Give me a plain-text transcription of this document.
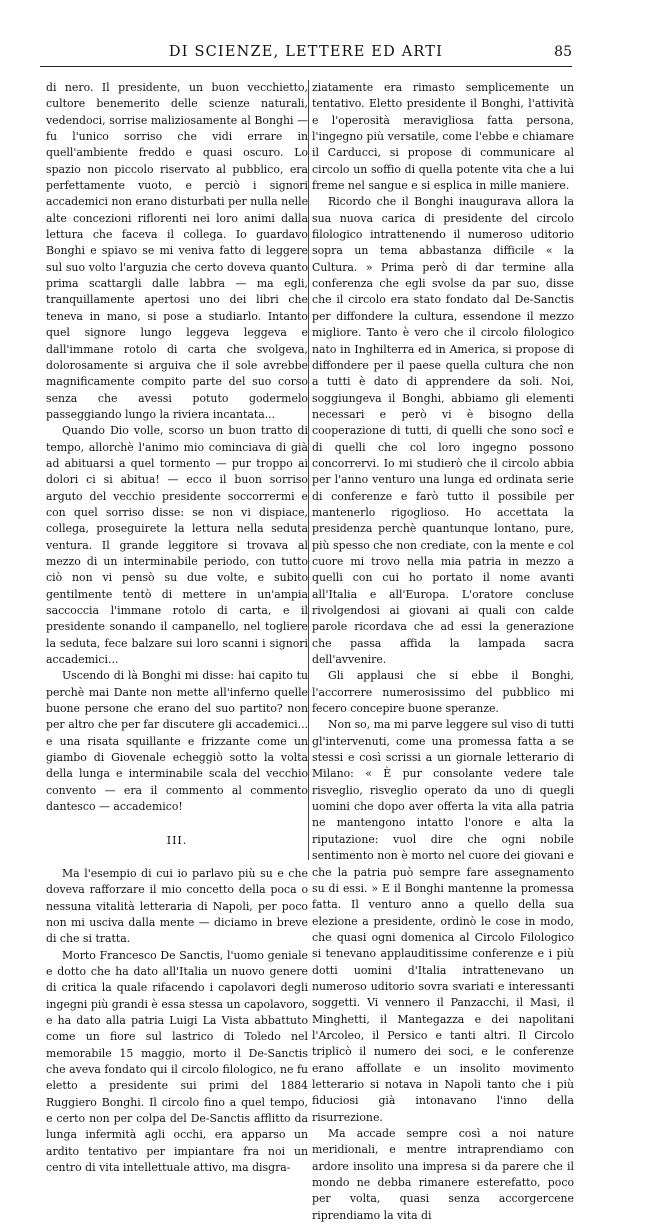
DI SCIENZE, LETTERE ED ARTI	85

di nero. Il presidente, un buon vecchietto, cultore benemerito delle scienze naturali, vedendoci, sorrise maliziosamente al Bonghi — fu l'unico sorriso che vidi errare in quell'ambiente freddo e quasi oscuro. Lo spazio non piccolo riservato al pubblico, era perfettamente vuoto, e perciò i signori accademici non erano disturbati per nulla nelle alte concezioni riflorenti nei loro animi dalla lettura che faceva il collega. Io guardavo Bonghi e spiavo se mi veniva fatto di leggere sul suo volto l'arguzia che certo doveva quanto prima scattargli dalle labbra — ma egli, tranquillamente apertosi uno dei libri che teneva in mano, si pose a studiarlo. Intanto quel signore lungo leggeva leggeva e dall'immane rotolo di carta che svolgeva, dolorosamente si arguiva che il sole avrebbe magnificamente compito parte del suo corso senza che avessi potuto godermelo passeggiando lungo la riviera incantata...

Quando Dio volle, scorso un buon tratto di tempo, allorchè l'animo mio cominciava di già ad abituarsi a quel tormento — pur troppo ai dolori ci si abitua! — ecco il buon sorriso arguto del vecchio presidente soccorrermi e con quel sorriso disse: se non vi dispiace, collega, proseguirete la lettura nella seduta ventura. Il grande leggitore si trovava al mezzo di un interminabile periodo, con tutto ciò non vi pensò su due volte, e subito gentilmente tentò di mettere in un'ampia saccoccia l'immane rotolo di carta, e il presidente sonando il campanello, nel togliere la seduta, fece balzare sui loro scanni i signori accademici...

Uscendo di là Bonghi mi disse: hai capito tu perchè mai Dante non mette all'inferno quelle buone persone che erano del suo partito? non per altro che per far discutere gli accademici... e una risata squillante e frizzante come un giambo di Giovenale echeggiò sotto la volta della lunga e interminabile scala del vecchio convento — era il commento al commento dantesco — accademico!

III.

Ma l'esempio di cui io parlavo più su e che doveva rafforzare il mio concetto della poca o nessuna vitalità letteraria di Napoli, per poco non mi usciva dalla mente — diciamo in breve di che si tratta.

Morto Francesco De Sanctis, l'uomo geniale e dotto che ha dato all'Italia un nuovo genere di critica la quale rifacendo i capolavori degli ingegni più grandi è essa stessa un capolavoro, e ha dato alla patria Luigi La Vista abbattuto come un fiore sul lastrico di Toledo nel memorabile 15 maggio, morto il De-Sanctis che aveva fondato qui il circolo filologico, ne fu eletto a presidente sui primi del 1884 Ruggiero Bonghi. Il circolo fino a quel tempo, e certo non per colpa del De-Sanctis afflitto da lunga infermità agli occhi, era apparso un ardito tentativo per impiantare fra noi un centro di vita intellettuale attivo, ma disgra-

ziatamente era rimasto semplicemente un tentativo. Eletto presidente il Bonghi, l'attività e l'operosità meravigliosa fatta persona, l'ingegno più versatile, come l'ebbe e chiamare il Carducci, si propose di communicare al circolo un soffio di quella potente vita che a lui freme nel sangue e si esplica in mille maniere.

Ricordo che il Bonghi inaugurava allora la sua nuova carica di presidente del circolo filologico intrattenendo il numeroso uditorio sopra un tema abbastanza difficile « la Cultura. » Prima però di dar termine alla conferenza che egli svolse da par suo, disse che il circolo era stato fondato dal De-Sanctis per diffondere la cultura, essendone il mezzo migliore. Tanto è vero che il circolo filologico nato in Inghilterra ed in America, si propose di diffondere per il paese quella cultura che non a tutti è dato di apprendere da soli. Noi, soggiungeva il Bonghi, abbiamo gli elementi necessari e però vi è bisogno della cooperazione di tutti, di quelli che sono socî e di quelli che col loro ingegno possono concorrervi. Io mi studierò che il circolo abbia per l'anno venturo una lunga ed ordinata serie di conferenze e farò tutto il possibile per mantenerlo rigoglioso. Ho accettata la presidenza perchè quantunque lontano, pure, più spesso che non crediate, con la mente e col cuore mi trovo nella mia patria in mezzo a quelli con cui ho portato il nome avanti all'Italia e all'Europa. L'oratore concluse rivolgendosi ai giovani ai quali con calde parole ricordava che ad essi la generazione che passa affida la lampada sacra dell'avvenire.

Gli applausi che si ebbe il Bonghi, l'accorrere numerosissimo del pubblico mi fecero concepire buone speranze.

Non so, ma mi parve leggere sul viso di tutti gl'intervenuti, come una promessa fatta a se stessi e così scrissi a un giornale letterario di Milano: « È pur consolante vedere tale risveglio, risveglio operato da uno di quegli uomini che dopo aver offerta la vita alla patria ne mantengono intatto l'onore e alta la riputazione: vuol dire che ogni nobile sentimento non è morto nel cuore dei giovani e che la patria può sempre fare assegnamento su di essi. » E il Bonghi mantenne la promessa fatta. Il venturo anno a quello della sua elezione a presidente, ordinò le cose in modo, che quasi ogni domenica al Circolo Filologico si tenevano applauditissime conferenze e i più dotti uomini d'Italia intrattenevano un numeroso uditorio sovra svariati e interessanti soggetti. Vi vennero il Panzacchi, il Masi, il Minghetti, il Mantegazza e dei napolitani l'Arcoleo, il Persico e tanti altri. Il Circolo triplicò il numero dei soci, e le conferenze erano affollate e un insolito movimento letterario si notava in Napoli tanto che i più fiduciosi già intonavano l'inno della risurrezione.

Ma accade sempre così a noi nature meridionali, e mentre intraprendiamo con ardore insolito una impresa si da parere che il mondo ne debba rimanere esterefatto, poco per volta, quasi senza accorgercene riprendiamo la vita di
